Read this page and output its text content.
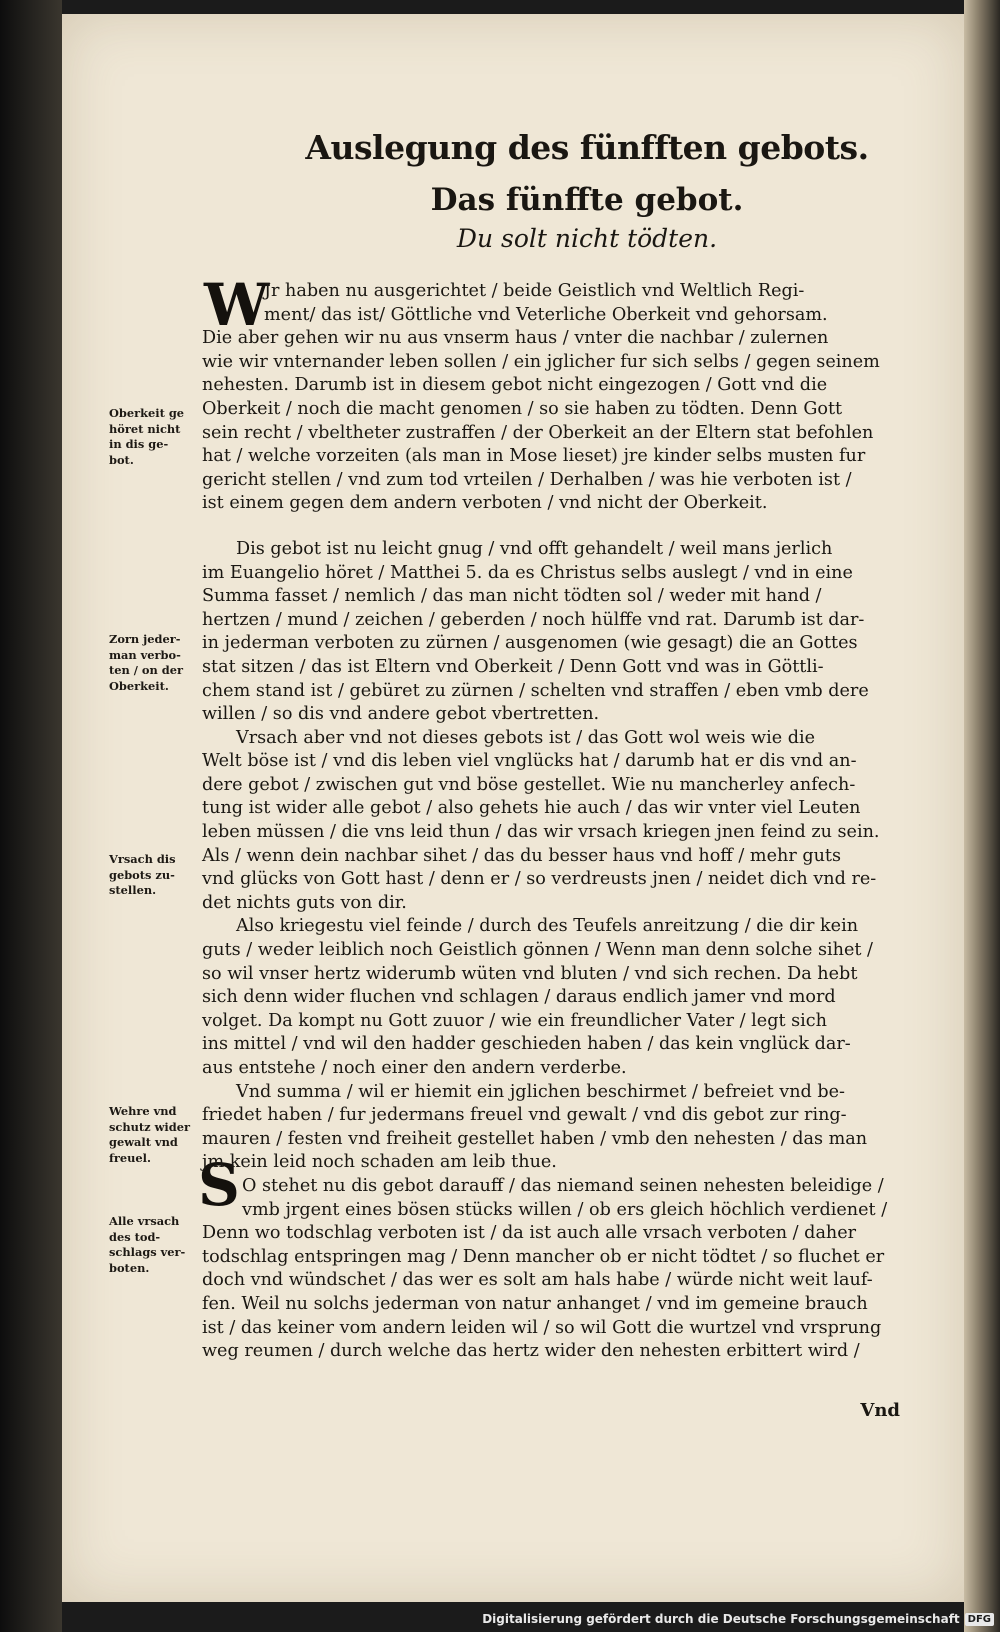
Auslegung des fünfften gebots.
Das fünffte gebot.
Du solt nicht tödten.
W
S
Jr haben nu ausgerichtet / beide Geistlich vnd Weltlich Regi-
ment/ das ist/ Göttliche vnd Veterliche Oberkeit vnd gehorsam.
Die aber gehen wir nu aus vnserm haus / vnter die nachbar / zulernen
wie wir vnternander leben sollen / ein jglicher fur sich selbs / gegen seinem
nehesten. Darumb ist in diesem gebot nicht eingezogen / Gott vnd die
Oberkeit / noch die macht genomen / so sie haben zu tödten. Denn Gott
sein recht / vbeltheter zustraffen / der Oberkeit an der Eltern stat befohlen
hat / welche vorzeiten (als man in Mose lieset) jre kinder selbs musten fur
gericht stellen / vnd zum tod vrteilen / Derhalben / was hie verboten ist /
ist einem gegen dem andern verboten / vnd nicht der Oberkeit.
Dis gebot ist nu leicht gnug / vnd offt gehandelt / weil mans jerlich
im Euangelio höret / Matthei 5. da es Christus selbs auslegt / vnd in eine
Summa fasset / nemlich / das man nicht tödten sol / weder mit hand /
hertzen / mund / zeichen / geberden / noch hülffe vnd rat. Darumb ist dar-
in jederman verboten zu zürnen / ausgenomen (wie gesagt) die an Gottes
stat sitzen / das ist Eltern vnd Oberkeit / Denn Gott vnd was in Göttli-
chem stand ist / gebüret zu zürnen / schelten vnd straffen / eben vmb dere
willen / so dis vnd andere gebot vbertretten.
Vrsach aber vnd not dieses gebots ist / das Gott wol weis wie die
Welt böse ist / vnd dis leben viel vnglücks hat / darumb hat er dis vnd an-
dere gebot / zwischen gut vnd böse gestellet. Wie nu mancherley anfech-
tung ist wider alle gebot / also gehets hie auch / das wir vnter viel Leuten
leben müssen / die vns leid thun / das wir vrsach kriegen jnen feind zu sein.
Als / wenn dein nachbar sihet / das du besser haus vnd hoff / mehr guts
vnd glücks von Gott hast / denn er / so verdreusts jnen / neidet dich vnd re-
det nichts guts von dir.
Also kriegestu viel feinde / durch des Teufels anreitzung / die dir kein
guts / weder leiblich noch Geistlich gönnen / Wenn man denn solche sihet /
so wil vnser hertz widerumb wüten vnd bluten / vnd sich rechen. Da hebt
sich denn wider fluchen vnd schlagen / daraus endlich jamer vnd mord
volget. Da kompt nu Gott zuuor / wie ein freundlicher Vater / legt sich
ins mittel / vnd wil den hadder geschieden haben / das kein vnglück dar-
aus entstehe / noch einer den andern verderbe.
Vnd summa / wil er hiemit ein jglichen beschirmet / befreiet vnd be-
friedet haben / fur jedermans freuel vnd gewalt / vnd dis gebot zur ring-
mauren / festen vnd freiheit gestellet haben / vmb den nehesten / das man
jm kein leid noch schaden am leib thue.
O stehet nu dis gebot darauff / das niemand seinen nehesten beleidige /
vmb jrgent eines bösen stücks willen / ob ers gleich höchlich verdienet /
Denn wo todschlag verboten ist / da ist auch alle vrsach verboten / daher
todschlag entspringen mag / Denn mancher ob er nicht tödtet / so fluchet er
doch vnd wündschet / das wer es solt am hals habe / würde nicht weit lauf-
fen. Weil nu solchs jederman von natur anhanget / vnd im gemeine brauch
ist / das keiner vom andern leiden wil / so wil Gott die wurtzel vnd vrsprung
weg reumen / durch welche das hertz wider den nehesten erbittert wird /
Oberkeit ge
höret nicht
in dis ge-
bot.
Zorn jeder-
man verbo-
ten / on der
Oberkeit.
Vrsach dis
gebots zu-
stellen.
Wehre vnd
schutz wider
gewalt vnd
freuel.
Alle vrsach
des tod-
schlags ver-
boten.
Vnd
Digitalisierung gefördert durch die Deutsche Forschungsgemeinschaft DFG
